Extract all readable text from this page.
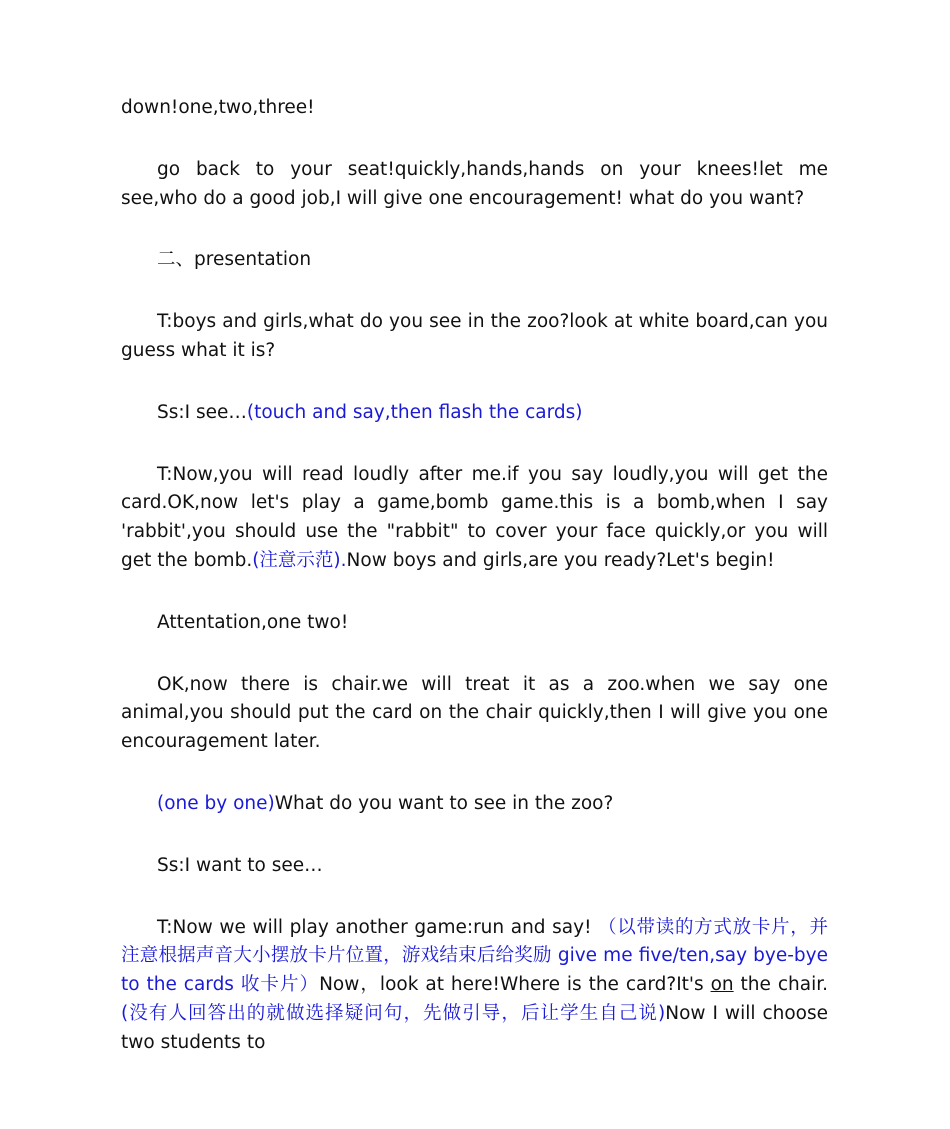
down!one,two,three!

go back to your seat!quickly,hands,hands on your knees!let me see,who do a good job,I will give one encouragement! what do you want?

二、presentation

T:boys and girls,what do you see in the zoo?look at white board,can you guess what it is?

Ss:I see…(touch and say,then flash the cards)

T:Now,you will read loudly after me.if you say loudly,you will get the card.OK,now let's play a game,bomb game.this is a bomb,when I say 'rabbit',you should use the "rabbit" to cover your face quickly,or you will get the bomb.(注意示范).Now boys and girls,are you ready?Let's begin!

Attentation,one two!

OK,now there is chair.we will treat it as a zoo.when we say one animal,you should put the card on the chair quickly,then I will give you one encouragement later.

(one by one)What do you want to see in the zoo?

Ss:I want to see…

T:Now we will play another game:run and say! （以带读的方式放卡片，并注意根据声音大小摆放卡片位置，游戏结束后给奖励 give me five/ten,say bye-bye to the cards 收卡片）Now，look at here!Where is the card?It's on the chair.(没有人回答出的就做选择疑问句，先做引导，后让学生自己说)Now I will choose two students to
